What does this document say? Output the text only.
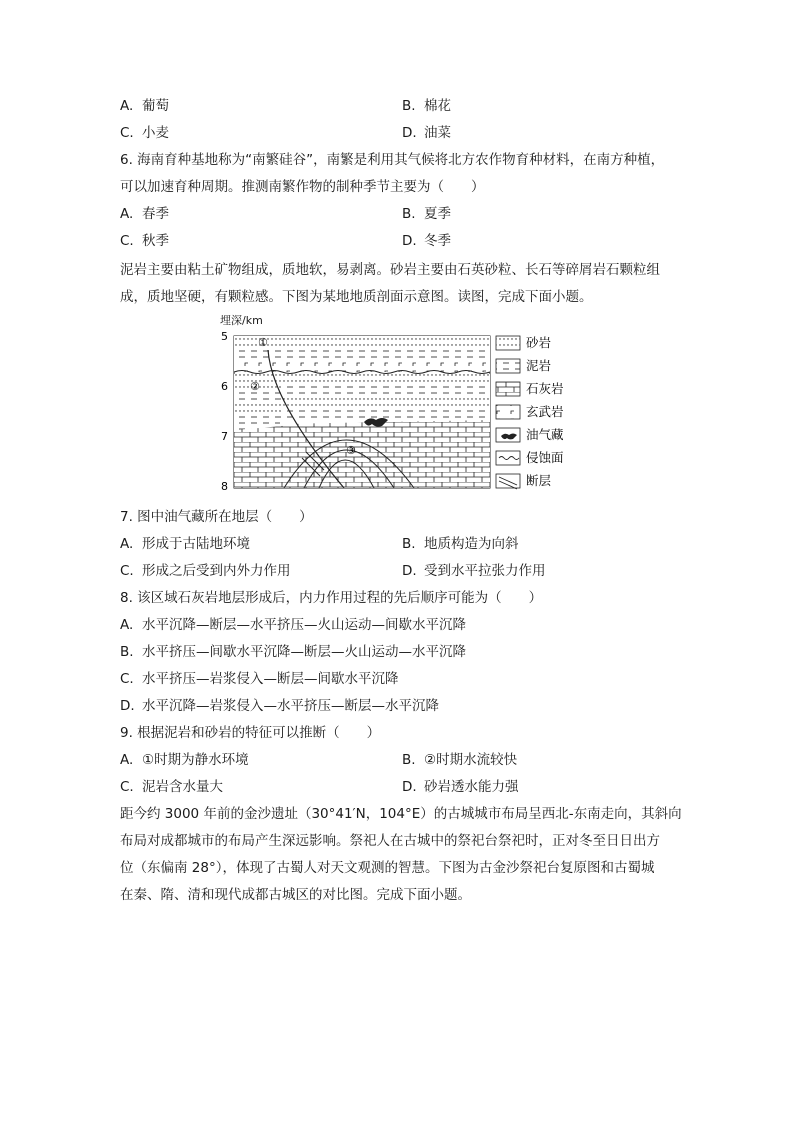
A. 葡萄	B. 棉花
C. 小麦	D. 油菜
6. 海南育种基地称为“南繁硅谷”，南繁是利用其气候将北方农作物育种材料，在南方种植，
可以加速育种周期。推测南繁作物的制种季节主要为（　　）
A. 春季	B. 夏季
C. 秋季	D. 冬季
泥岩主要由粘土矿物组成，质地软，易剥离。砂岩主要由石英砂粒、长石等碎屑岩石颗粒组
成，质地坚硬，有颗粒感。下图为某地地质剖面示意图。读图，完成下面小题。
埋深/km
5
6
7
8
①
②
③
砂岩
泥岩
石灰岩
玄武岩
油气藏
侵蚀面
断层
7. 图中油气藏所在地层（　　）
A. 形成于古陆地环境	B. 地质构造为向斜
C. 形成之后受到内外力作用	D. 受到水平拉张力作用
8. 该区域石灰岩地层形成后，内力作用过程的先后顺序可能为（　　）
A. 水平沉降—断层—水平挤压—火山运动—间歇水平沉降
B. 水平挤压—间歇水平沉降—断层—火山运动—水平沉降
C. 水平挤压—岩浆侵入—断层—间歇水平沉降
D. 水平沉降—岩浆侵入—水平挤压—断层—水平沉降
9. 根据泥岩和砂岩的特征可以推断（　　）
A. ①时期为静水环境	B. ②时期水流较快
C. 泥岩含水量大	D. 砂岩透水能力强
距今约 3000 年前的金沙遗址（30°41′N，104°E）的古城城市布局呈西北-东南走向，其斜向
布局对成都城市的布局产生深远影响。祭祀人在古城中的祭祀台祭祀时，正对冬至日日出方
位（东偏南 28°），体现了古蜀人对天文观测的智慧。下图为古金沙祭祀台复原图和古蜀城
在秦、隋、清和现代成都古城区的对比图。完成下面小题。
